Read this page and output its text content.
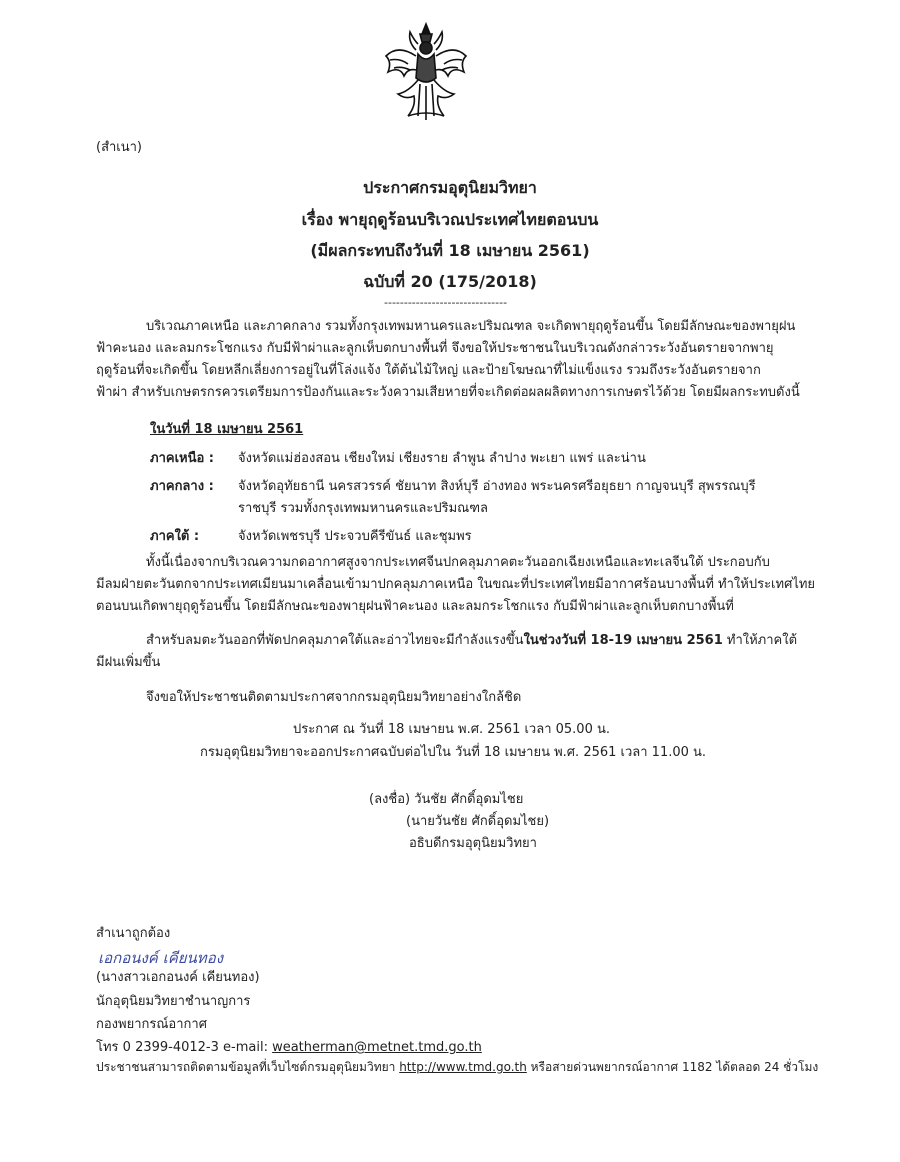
(สำเนา)
ประกาศกรมอุตุนิยมวิทยา
เรื่อง พายุฤดูร้อนบริเวณประเทศไทยตอนบน
(มีผลกระทบถึงวันที่ 18 เมษายน 2561)
ฉบับที่ 20 (175/2018)
-------------------------------
บริเวณภาคเหนือ และภาคกลาง รวมทั้งกรุงเทพมหานครและปริมณฑล จะเกิดพายุฤดูร้อนขึ้น โดยมีลักษณะของพายุฝน
ฟ้าคะนอง และลมกระโชกแรง กับมีฟ้าผ่าและลูกเห็บตกบางพื้นที่ จึงขอให้ประชาชนในบริเวณดังกล่าวระวังอันตรายจากพายุ
ฤดูร้อนที่จะเกิดขึ้น โดยหลีกเลี่ยงการอยู่ในที่โล่งแจ้ง ใต้ต้นไม้ใหญ่ และป้ายโฆษณาที่ไม่แข็งแรง รวมถึงระวังอันตรายจาก
ฟ้าผ่า สำหรับเกษตรกรควรเตรียมการป้องกันและระวังความเสียหายที่จะเกิดต่อผลผลิตทางการเกษตรไว้ด้วย โดยมีผลกระทบดังนี้
ในวันที่ 18 เมษายน 2561
ภาคเหนือ : จังหวัดแม่ฮ่องสอน เชียงใหม่ เชียงราย ลำพูน ลำปาง พะเยา แพร่ และน่าน
ภาคกลาง : จังหวัดอุทัยธานี นครสวรรค์ ชัยนาท สิงห์บุรี อ่างทอง พระนครศรีอยุธยา กาญจนบุรี สุพรรณบุรี
ราชบุรี รวมทั้งกรุงเทพมหานครและปริมณฑล
ภาคใต้ :	จังหวัดเพชรบุรี ประจวบคีรีขันธ์ และชุมพร
ทั้งนี้เนื่องจากบริเวณความกดอากาศสูงจากประเทศจีนปกคลุมภาคตะวันออกเฉียงเหนือและทะเลจีนใต้ ประกอบกับ
มีลมฝ่ายตะวันตกจากประเทศเมียนมาเคลื่อนเข้ามาปกคลุมภาคเหนือ ในขณะที่ประเทศไทยมีอากาศร้อนบางพื้นที่ ทำให้ประเทศไทย
ตอนบนเกิดพายุฤดูร้อนขึ้น โดยมีลักษณะของพายุฝนฟ้าคะนอง และลมกระโชกแรง กับมีฟ้าผ่าและลูกเห็บตกบางพื้นที่
สำหรับลมตะวันออกที่พัดปกคลุมภาคใต้และอ่าวไทยจะมีกำลังแรงขึ้นในช่วงวันที่ 18-19 เมษายน 2561 ทำให้ภาคใต้
มีฝนเพิ่มขึ้น
จึงขอให้ประชาชนติดตามประกาศจากกรมอุตุนิยมวิทยาอย่างใกล้ชิด
ประกาศ ณ วันที่ 18 เมษายน พ.ศ. 2561 เวลา 05.00 น.
กรมอุตุนิยมวิทยาจะออกประกาศฉบับต่อไปใน วันที่ 18 เมษายน พ.ศ. 2561 เวลา 11.00 น.
(ลงชื่อ) วันชัย ศักดิ์อุดมไชย
(นายวันชัย ศักดิ์อุดมไชย)
อธิบดีกรมอุตุนิยมวิทยา
สำเนาถูกต้อง
เอกอนงค์ เคียนทอง
(นางสาวเอกอนงค์ เคียนทอง)
นักอุตุนิยมวิทยาชำนาญการ
กองพยากรณ์อากาศ
โทร 0 2399-4012-3 e-mail: weatherman@metnet.tmd.go.th
ประชาชนสามารถติดตามข้อมูลที่เว็บไซต์กรมอุตุนิยมวิทยา http://www.tmd.go.th หรือสายด่วนพยากรณ์อากาศ 1182 ได้ตลอด 24 ชั่วโมง
